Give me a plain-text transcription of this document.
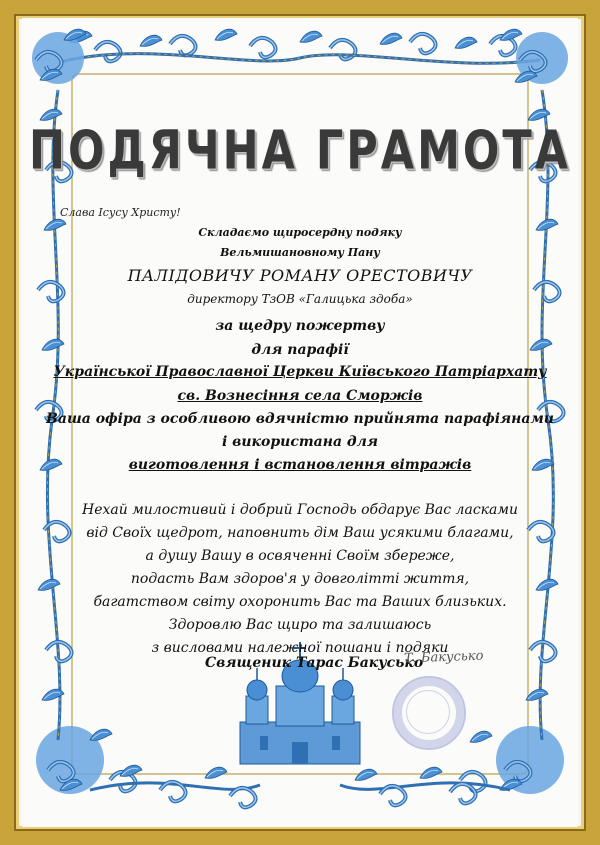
ПОДЯЧНА ГРАМОТА
Слава Ісусу Христу!
Складаємо щиросердну подяку
Вельмишановному Пану
ПАЛІДОВИЧУ РОМАНУ ОРЕСТОВИЧУ
директору ТзОВ «Галицька здоба»
за щедру пожертву
для парафії
Української Православної Церкви Київського Патріархату
св. Вознесіння села Сморжів
Ваша офіра з особливою вдячністю прийнята парафіянами
і використана для
виготовлення і встановлення вітражів
Нехай милостивий і добрий Господь обдарує Вас ласками
від Своїх щедрот, наповнить дім Ваш усякими благами,
а душу Вашу в освяченні Своїм збереже,
подасть Вам здоров'я у довголітті життя,
багатством світу охоронить Вас та Ваших близьких.
Здоровлю Вас щиро та залишаюсь
з висловами належної пошани і подяки
Священик Тарас Бакусько
Т. Бакусько
